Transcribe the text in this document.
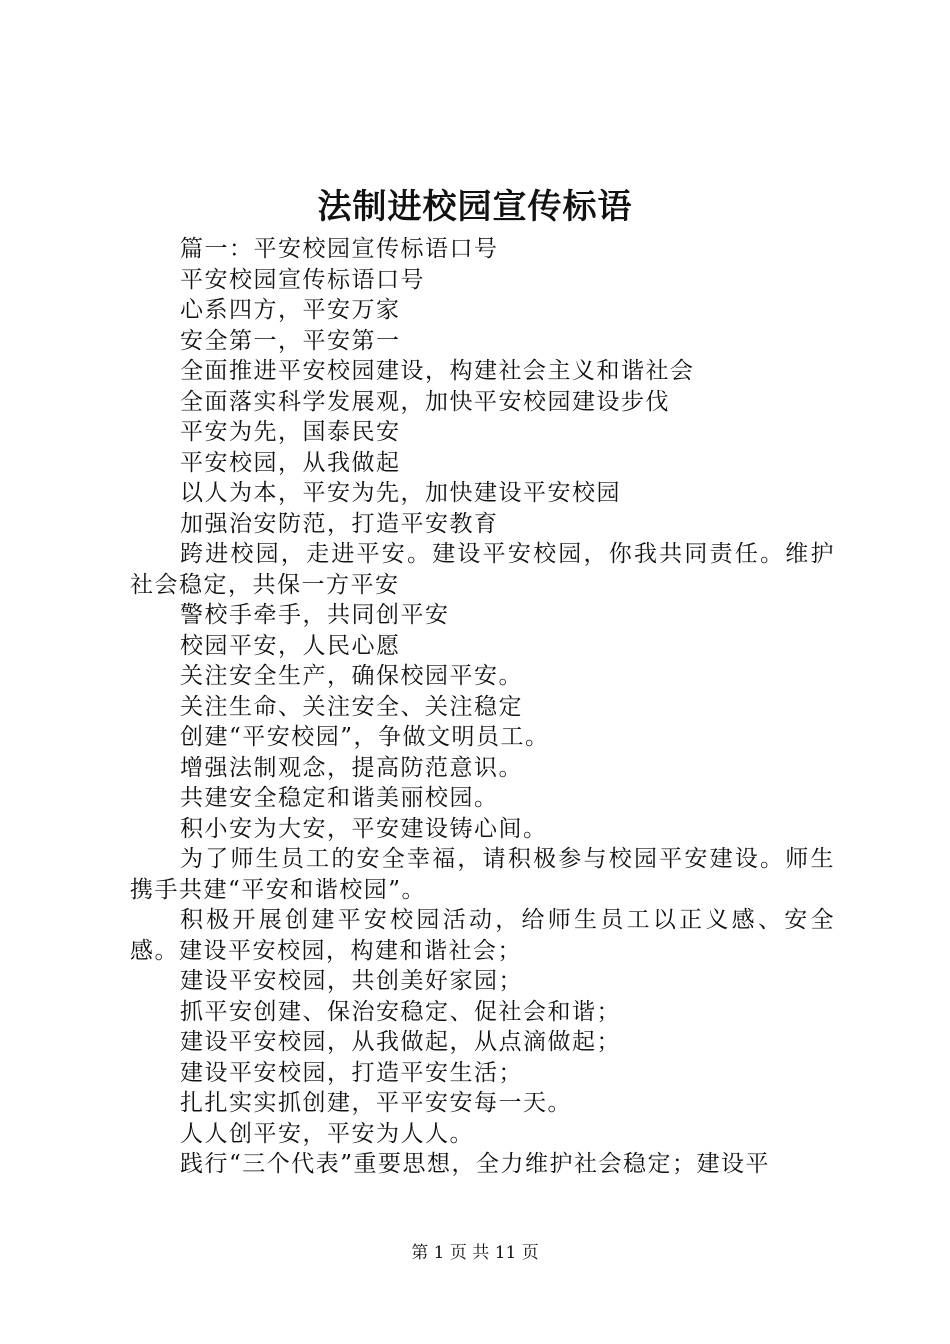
法制进校园宣传标语

篇一：平安校园宣传标语口号

平安校园宣传标语口号

心系四方，平安万家

安全第一，平安第一

全面推进平安校园建设，构建社会主义和谐社会

全面落实科学发展观，加快平安校园建设步伐

平安为先，国泰民安

平安校园，从我做起

以人为本，平安为先，加快建设平安校园

加强治安防范，打造平安教育

跨进校园，走进平安。建设平安校园，你我共同责任。维护社会稳定，共保一方平安

警校手牵手，共同创平安

校园平安，人民心愿

关注安全生产，确保校园平安。

关注生命、关注安全、关注稳定

创建“平安校园”，争做文明员工。

增强法制观念，提高防范意识。

共建安全稳定和谐美丽校园。

积小安为大安，平安建设铸心间。

为了师生员工的安全幸福，请积极参与校园平安建设。师生携手共建“平安和谐校园”。

积极开展创建平安校园活动，给师生员工以正义感、安全感。建设平安校园，构建和谐社会；

建设平安校园，共创美好家园；

抓平安创建、保治安稳定、促社会和谐；

建设平安校园，从我做起，从点滴做起；

建设平安校园，打造平安生活；

扎扎实实抓创建，平平安安每一天。

人人创平安，平安为人人。

践行“三个代表”重要思想，全力维护社会稳定；建设平

第 1 页 共 11 页
